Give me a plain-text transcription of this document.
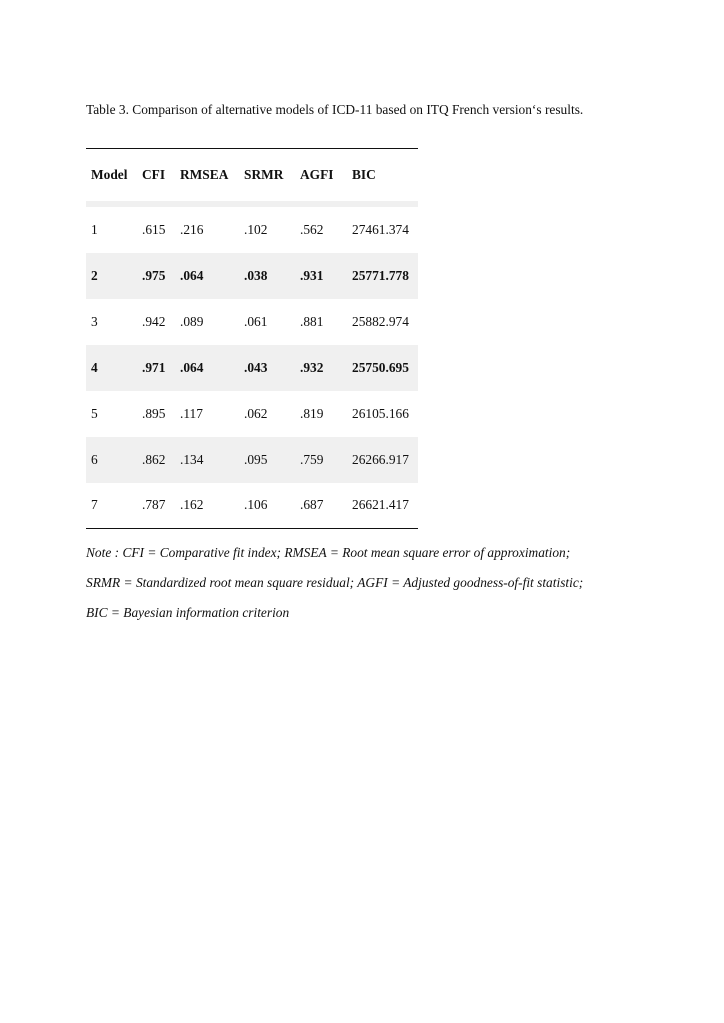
Table 3. Comparison of alternative models of ICD-11 based on ITQ French version‘s results.
Model	CFI	RMSEA	SRMR	AGFI	BIC

1	.615	.216	.102	.562	27461.374
2	.975	.064	.038	.931	25771.778
3	.942	.089	.061	.881	25882.974
4	.971	.064	.043	.932	25750.695
5	.895	.117	.062	.819	26105.166
6	.862	.134	.095	.759	26266.917
7	.787	.162	.106	.687	26621.417

Note : CFI = Comparative fit index; RMSEA = Root mean square error of approximation;

SRMR = Standardized root mean square residual; AGFI = Adjusted goodness-of-fit statistic;

BIC = Bayesian information criterion
